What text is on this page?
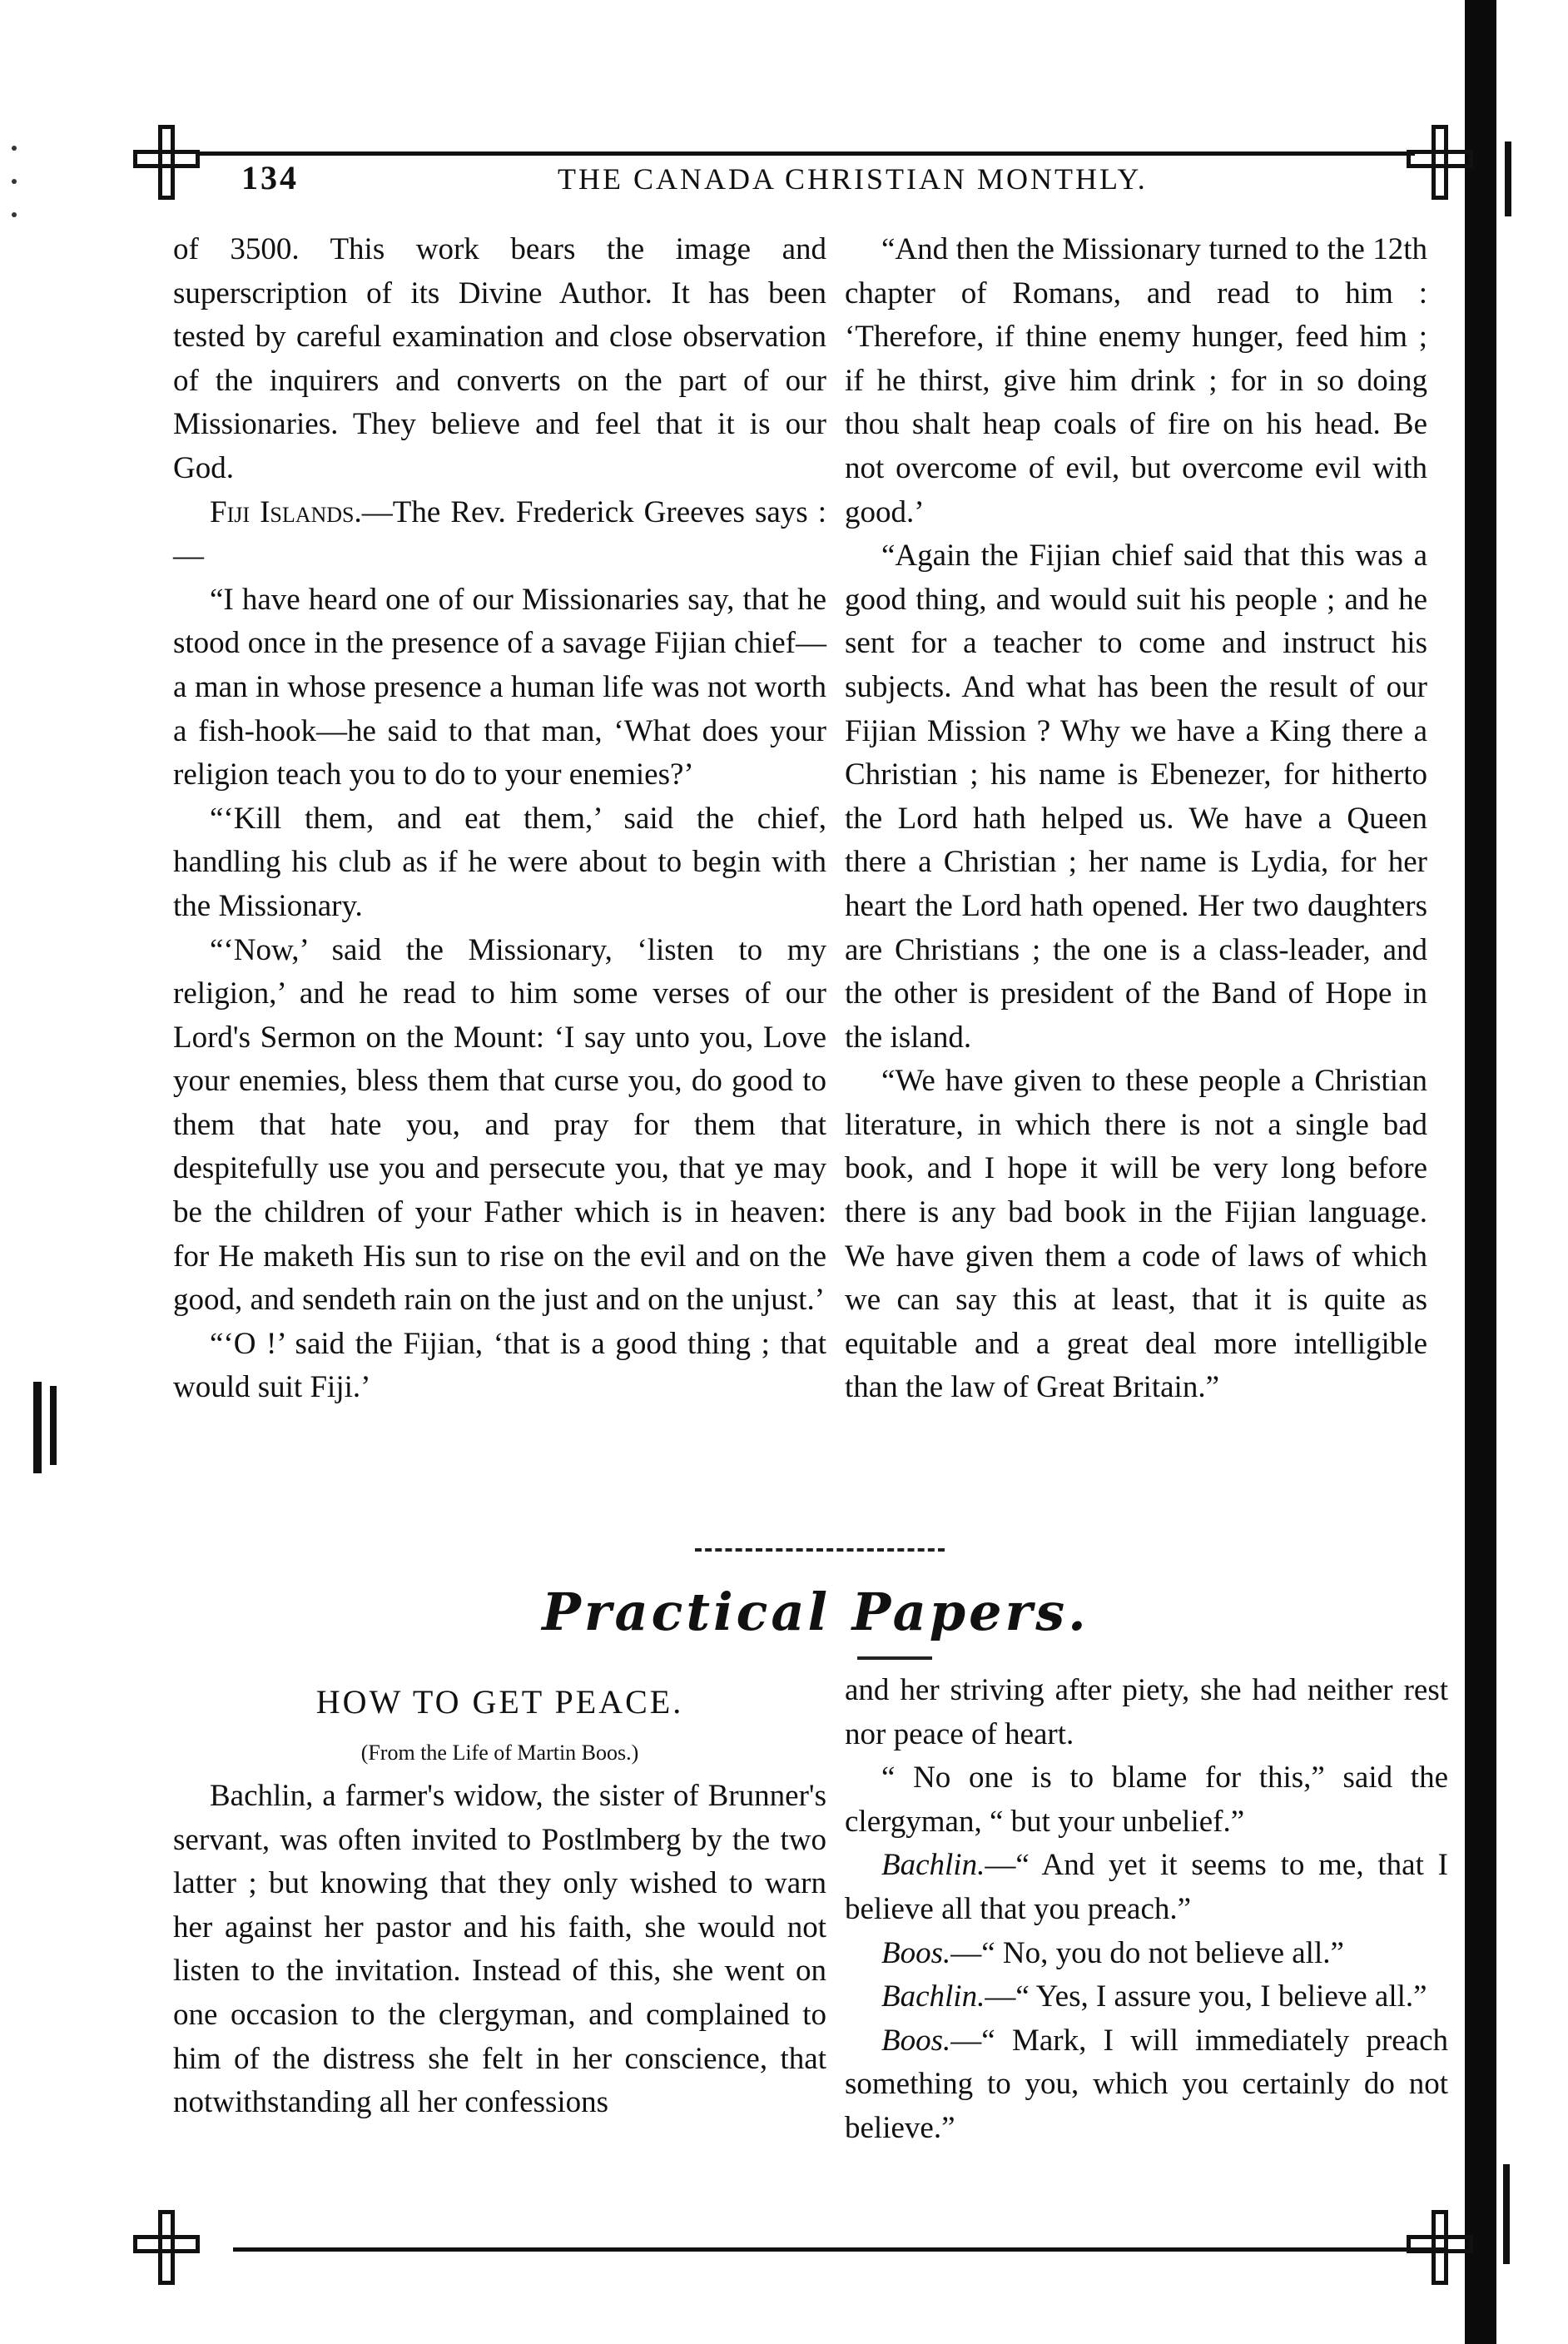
134	THE CANADA CHRISTIAN MONTHLY.

of 3500. This work bears the image and superscription of its Divine Author. It has been tested by careful examination and close observation of the inquirers and converts on the part of our Missionaries. They believe and feel that it is our God.

Fiji Islands.—The Rev. Frederick Greeves says :—

“I have heard one of our Missionaries say, that he stood once in the presence of a savage Fijian chief—a man in whose presence a human life was not worth a fish-hook—he said to that man, ‘What does your religion teach you to do to your enemies?’

“‘Kill them, and eat them,’ said the chief, handling his club as if he were about to begin with the Missionary.

“‘Now,’ said the Missionary, ‘listen to my religion,’ and he read to him some verses of our Lord's Sermon on the Mount: ‘I say unto you, Love your enemies, bless them that curse you, do good to them that hate you, and pray for them that despitefully use you and persecute you, that ye may be the children of your Father which is in heaven: for He maketh His sun to rise on the evil and on the good, and sendeth rain on the just and on the unjust.’

“‘O !’ said the Fijian, ‘that is a good thing ; that would suit Fiji.’

“And then the Missionary turned to the 12th chapter of Romans, and read to him : ‘Therefore, if thine enemy hunger, feed him ; if he thirst, give him drink ; for in so doing thou shalt heap coals of fire on his head. Be not overcome of evil, but overcome evil with good.’

“Again the Fijian chief said that this was a good thing, and would suit his people ; and he sent for a teacher to come and instruct his subjects. And what has been the result of our Fijian Mission ? Why we have a King there a Christian ; his name is Ebenezer, for hitherto the Lord hath helped us. We have a Queen there a Christian ; her name is Lydia, for her heart the Lord hath opened. Her two daughters are Christians ; the one is a class-leader, and the other is president of the Band of Hope in the island.

“We have given to these people a Christian literature, in which there is not a single bad book, and I hope it will be very long before there is any bad book in the Fijian language. We have given them a code of laws of which we can say this at least, that it is quite as equitable and a great deal more intelligible than the law of Great Britain.”

Practical Papers.

HOW TO GET PEACE.

(From the Life of Martin Boos.)

Bachlin, a farmer's widow, the sister of Brunner's servant, was often invited to Postlmberg by the two latter ; but knowing that they only wished to warn her against her pastor and his faith, she would not listen to the invitation. Instead of this, she went on one occasion to the clergyman, and complained to him of the distress she felt in her conscience, that notwithstanding all her confessions

and her striving after piety, she had neither rest nor peace of heart.

“ No one is to blame for this,” said the clergyman, “ but your unbelief.”

Bachlin.—“ And yet it seems to me, that I believe all that you preach.”

Boos.—“ No, you do not believe all.”

Bachlin.—“ Yes, I assure you, I believe all.”

Boos.—“ Mark, I will immediately preach something to you, which you certainly do not believe.”
